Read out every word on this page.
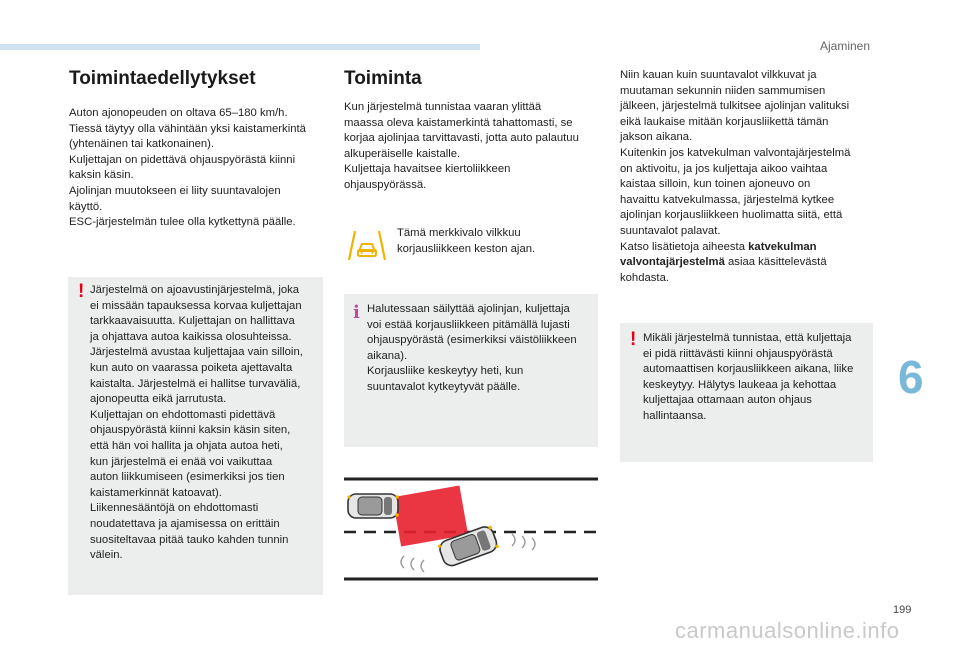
Ajaminen
Toimintaedellytykset

Auton ajonopeuden on oltava 65–180 km/h.

Tiessä täytyy olla vähintään yksi kaistamerkintä

(yhtenäinen tai katkonainen).

Kuljettajan on pidettävä ohjauspyörästä kiinni

kaksin käsin.

Ajolinjan muutokseen ei liity suuntavalojen

käyttö.

ESC-järjestelmän tulee olla kytkettynä päälle.

! Järjestelmä on ajoavustinjärjestelmä, joka

ei missään tapauksessa korvaa kuljettajan

tarkkaavaisuutta. Kuljettajan on hallittava

ja ohjattava autoa kaikissa olosuhteissa.

Järjestelmä avustaa kuljettajaa vain silloin,

kun auto on vaarassa poiketa ajettavalta

kaistalta. Järjestelmä ei hallitse turvaväliä,

ajonopeutta eikä jarrutusta.

Kuljettajan on ehdottomasti pidettävä

ohjauspyörästä kiinni kaksin käsin siten,

että hän voi hallita ja ohjata autoa heti,

kun järjestelmä ei enää voi vaikuttaa

auton liikkumiseen (esimerkiksi jos tien

kaistamerkinnät katoavat).

Liikennesääntöjä on ehdottomasti

noudatettava ja ajamisessa on erittäin

suositeltavaa pitää tauko kahden tunnin

välein.

Toiminta

Kun järjestelmä tunnistaa vaaran ylittää

maassa oleva kaistamerkintä tahattomasti, se

korjaa ajolinjaa tarvittavasti, jotta auto palautuu

alkuperäiselle kaistalle.

Kuljettaja havaitsee kiertoliikkeen

ohjauspyörässä.

Tämä merkkivalo vilkkuu

korjausliikkeen keston ajan.

i Halutessaan säilyttää ajolinjan, kuljettaja

voi estää korjausliikkeen pitämällä lujasti

ohjauspyörästä (esimerkiksi väistöliikkeen

aikana).

Korjausliike keskeytyy heti, kun

suuntavalot kytkeytyvät päälle.

Niin kauan kuin suuntavalot vilkkuvat ja

muutaman sekunnin niiden sammumisen

jälkeen, järjestelmä tulkitsee ajolinjan valituksi

eikä laukaise mitään korjausliikettä tämän

jakson aikana.

Kuitenkin jos katvekulman valvontajärjestelmä

on aktivoitu, ja jos kuljettaja aikoo vaihtaa

kaistaa silloin, kun toinen ajoneuvo on

havaittu katvekulmassa, järjestelmä kytkee

ajolinjan korjausliikkeen huolimatta siitä, että

suuntavalot palavat.

Katso lisätietoja aiheesta katvekulman

valvontajärjestelmä asiaa käsittelevästä

kohdasta.

! Mikäli järjestelmä tunnistaa, että kuljettaja

ei pidä riittävästi kiinni ohjauspyörästä

automaattisen korjausliikkeen aikana, liike

keskeytyy. Hälytys laukeaa ja kehottaa

kuljettajaa ottamaan auton ohjaus

hallintaansa.

6
199
carmanualsonline.info
